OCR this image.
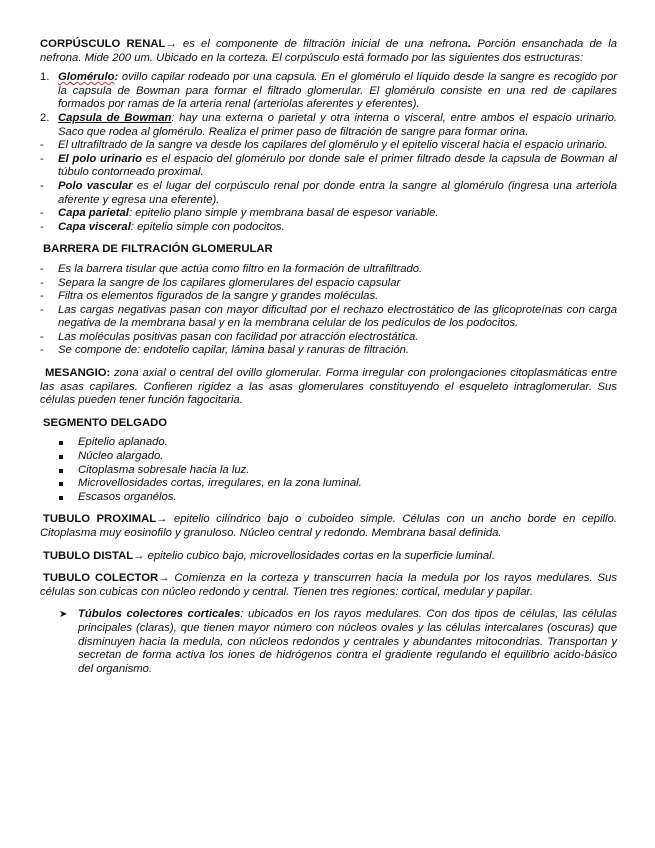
CORPÚSCULO RENAL→ es el componente de filtración inicial de una nefrona. Porción ensanchada de la nefrona. Mide 200 um. Ubicado en la corteza. El corpúsculo está formado por las siguientes dos estructuras:

1. Glomérulo: ovillo capilar rodeado por una capsula. En el glomérulo el líquido desde la sangre es recogido por la capsula de Bowman para formar el filtrado glomerular. El glomérulo consiste en una red de capilares formados por ramas de la arteria renal (arteriolas aferentes y eferentes).
2. Capsula de Bowman: hay una externa o parietal y otra interna o visceral, entre ambos el espacio urinario. Saco que rodea al glomérulo. Realiza el primer paso de filtración de sangre para formar orina.
- El ultrafiltrado de la sangre va desde los capilares del glomérulo y el epitelio visceral hacia el espacio urinario.
- El polo urinario es el espacio del glomérulo por donde sale el primer filtrado desde la capsula de Bowman al túbulo contorneado proximal.
- Polo vascular es el lugar del corpúsculo renal por donde entra la sangre al glomérulo (ingresa una arteriola aferente y egresa una eferente).
- Capa parietal: epitelio plano simple y membrana basal de espesor variable.
- Capa visceral: epitelio simple con podocitos.

BARRERA DE FILTRACIÓN GLOMERULAR

- Es la barrera tisular que actúa como filtro en la formación de ultrafiltrado.
- Separa la sangre de los capilares glomerulares del espacio capsular
- Filtra os elementos figurados de la sangre y grandes moléculas.
- Las cargas negativas pasan con mayor dificultad por el rechazo electrostático de las glicoproteínas con carga negativa de la membrana basal y en la membrana celular de los pedículos de los podocitos.
- Las moléculas positivas pasan con facilidad por atracción electrostática.
- Se compone de: endotelio capilar, lámina basal y ranuras de filtración.

MESANGIO: zona axial o central del ovillo glomerular. Forma irregular con prolongaciones citoplasmáticas entre las asas capilares. Confieren rigidez a las asas glomerulares constituyendo el esqueleto intraglomerular. Sus células pueden tener función fagocitaria.

SEGMENTO DELGADO

Epitelio aplanado.
Núcleo alargado.
Citoplasma sobresale hacia la luz.
Microvellosidades cortas, irregulares, en la zona luminal.
Escasos organélos.

TUBULO PROXIMAL→ epitelio cilíndrico bajo o cuboideo simple. Células con un ancho borde en cepillo. Citoplasma muy eosinofilo y granuloso. Núcleo central y redondo. Membrana basal definida.

TUBULO DISTAL→ epitelio cubico bajo, microvellosidades cortas en la superficie luminal.

TUBULO COLECTOR→ Comienza en la corteza y transcurren hacia la medula por los rayos medulares. Sus células son cubicas con núcleo redondo y central. Tienen tres regiones: cortical, medular y papilar.

➤ Túbulos colectores corticales: ubicados en los rayos medulares. Con dos tipos de células, las células principales (claras), que tienen mayor número con núcleos ovales y las células intercalares (oscuras) que disminuyen hacia la medula, con núcleos redondos y centrales y abundantes mitocondrias. Transportan y secretan de forma activa los iones de hidrógenos contra el gradiente regulando el equilibrio acido-básico del organismo.
